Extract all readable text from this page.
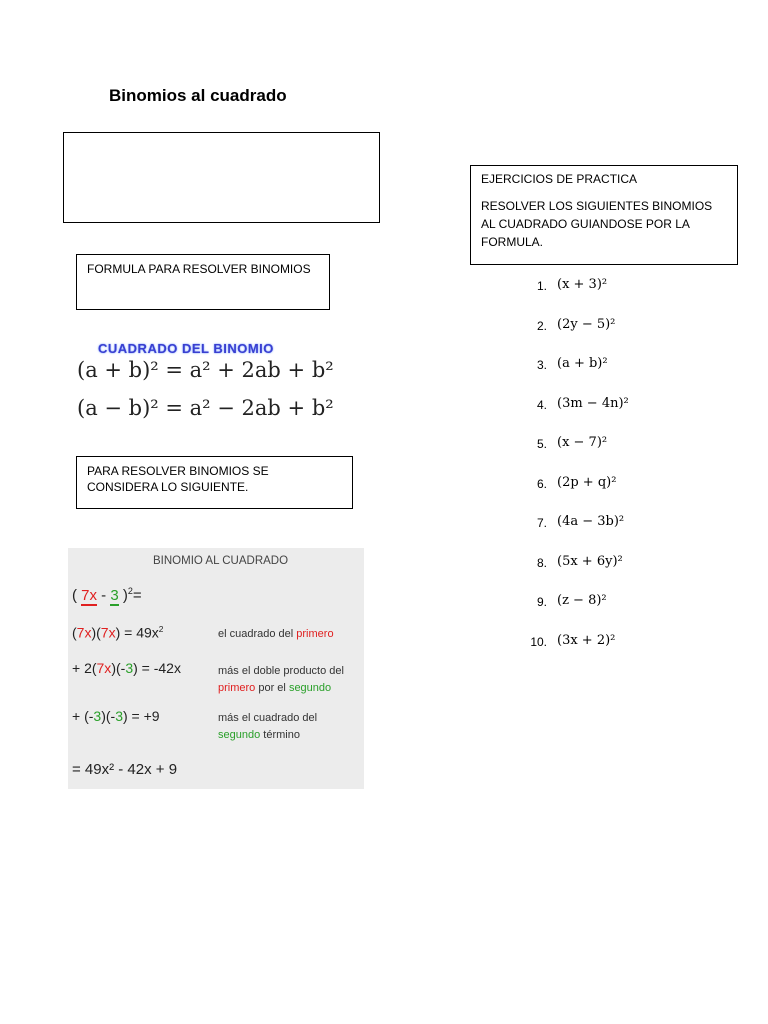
Binomios al cuadrado
FORMULA PARA RESOLVER BINOMIOS
CUADRADO DEL BINOMIO
(a + b)² = a² + 2ab + b²
(a − b)² = a² − 2ab + b²
PARA RESOLVER BINOMIOS SE CONSIDERA LO SIGUIENTE.
BINOMIO AL CUADRADO
( 7x - 3 )$^2$=
$(7x)(7x) = 49x^2$	el cuadrado del primero
+ 2(7x)(-3) = -42x	más el doble producto del
primero por el segundo
+ (-3)(-3) = +9	más el cuadrado del
segundo término
= 49x² - 42x + 9
EJERCICIOS DE PRACTICA
RESOLVER LOS SIGUIENTES BINOMIOS AL CUADRADO GUIANDOSE POR LA FORMULA.
1. (x + 3)²
2. (2y − 5)²
3. (a + b)²
4. (3m − 4n)²
5. (x − 7)²
6. (2p + q)²
7. (4a − 3b)²
8. (5x + 6y)²
9. (z − 8)²
10. (3x + 2)²
